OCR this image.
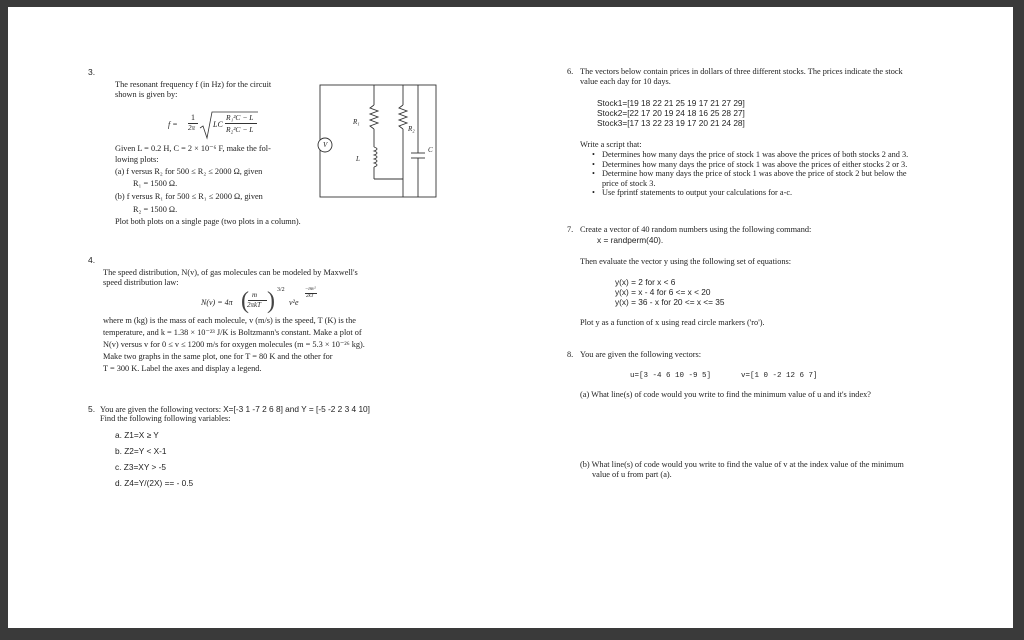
3.
The resonant frequency f (in Hz) for the circuit
shown is given by:
f =
1
2π LC
R₁²C − L
R₂²C − L
Given L = 0.2 H, C = 2 × 10⁻⁶ F, make the fol-
lowing plots:
(a) f versus R₂ for 500 ≤ R₂ ≤ 2000 Ω, given
R₁ = 1500 Ω.
(b) f versus R₁ for 500 ≤ R₁ ≤ 2000 Ω, given
R₂ = 1500 Ω.
Plot both plots on a single page (two plots in a column).
V
R₁
R₂
L
C
4.
The speed distribution, N(v), of gas molecules can be modeled by Maxwell's
speed distribution law:
N(v) = 4π ( m
2πkT ) 3/2
v²e
−mv²
2kT
where m (kg) is the mass of each molecule, v (m/s) is the speed, T (K) is the
temperature, and k = 1.38 × 10⁻²³ J/K is Boltzmann's constant. Make a plot of
N(v) versus v for 0 ≤ v ≤ 1200 m/s for oxygen molecules (m = 5.3 × 10⁻²⁶ kg).
Make two graphs in the same plot, one for T = 80 K and the other for
T = 300 K. Label the axes and display a legend.
5. You are given the following vectors: X=[-3 1 -7 2 6 8] and Y = [-5 -2 2 3 4 10]
Find the following following variables:
a. Z1=X ≥ Y
b. Z2=Y < X-1
c. Z3=XY > -5
d. Z4=Y/(2X) == - 0.5
6. The vectors below contain prices in dollars of three different stocks. The prices indicate the stock
value each day for 10 days.
Stock1=[19 18 22 21 25 19 17 21 27 29]
Stock2=[22 17 20 19 24 18 16 25 28 27]
Stock3=[17 13 22 23 19 17 20 21 24 28]
Write a script that:
• Determines how many days the price of stock 1 was above the prices of both stocks 2 and 3.
• Determines how many days the price of stock 1 was above the prices of either stocks 2 or 3.
• Determine how many days the price of stock 1 was above the price of stock 2 but below the
price of stock 3.
• Use fprintf statements to output your calculations for a-c.
7. Create a vector of 40 random numbers using the following command:
x = randperm(40).
Then evaluate the vector y using the following set of equations:
y(x) = 2 for x < 6
y(x) = x - 4 for 6 <= x < 20
y(x) = 36 - x for 20 <= x <= 35
Plot y as a function of x using read circle markers ('ro').
8. You are given the following vectors:
u=[3 -4 6 10 -9 5]	v=[1 0 -2 12 6 7]
(a) What line(s) of code would you write to find the minimum value of u and it's index?
(b) What line(s) of code would you write to find the value of v at the index value of the minimum
value of u from part (a).
